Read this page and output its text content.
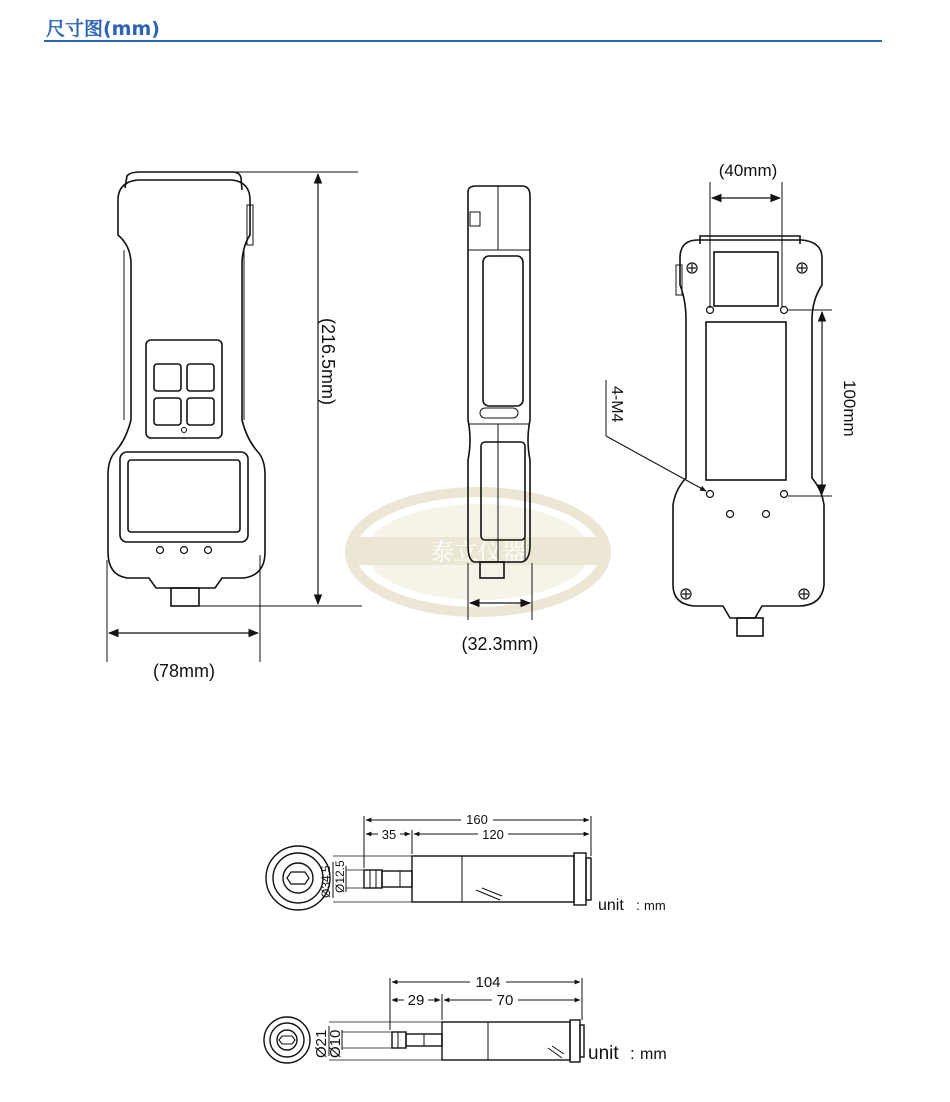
尺寸图(mm)
泰立仪器
(216.5mm)
(78mm)
(32.3mm)
(40mm)
100mm
4-M4
160
35	120
Ø34.5 Ø12.5
unit : mm
104
29	70
Ø21
Ø10	unit : mm
